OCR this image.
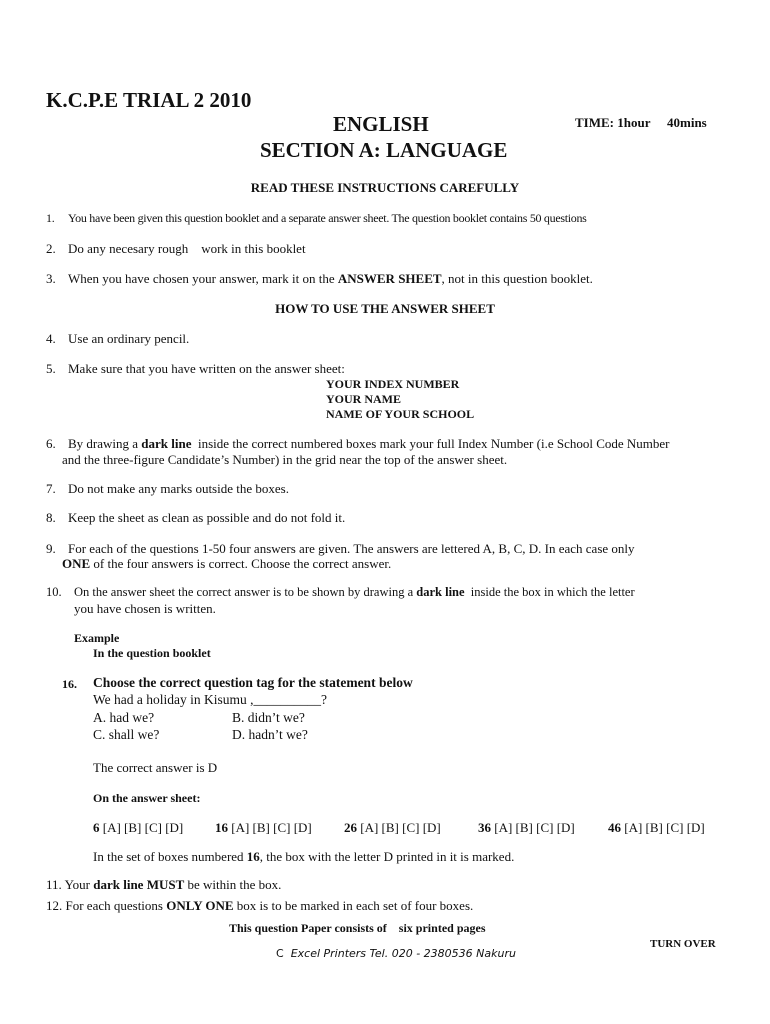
K.C.P.E TRIAL 2 2010
ENGLISH	TIME: 1hour 40mins
SECTION A: LANGUAGE
READ THESE INSTRUCTIONS CAREFULLY
1. You have been given this question booklet and a separate answer sheet. The question booklet contains 50 questions
2. Do any necesary rough    work in this booklet
3. When you have chosen your answer, mark it on the ANSWER SHEET, not in this question booklet.
HOW TO USE THE ANSWER SHEET
4. Use an ordinary pencil.
5. Make sure that you have written on the answer sheet:
YOUR INDEX NUMBER
YOUR NAME
NAME OF YOUR SCHOOL
6. By drawing a dark line  inside the correct numbered boxes mark your full Index Number (i.e School Code Number
and the three-figure Candidate’s Number) in the grid near the top of the answer sheet.
7. Do not make any marks outside the boxes.
8. Keep the sheet as clean as possible and do not fold it.
9. For each of the questions 1-50 four answers are given. The answers are lettered A, B, C, D. In each case only
ONE of the four answers is correct. Choose the correct answer.
10. On the answer sheet the correct answer is to be shown by drawing a dark line  inside the box in which the letter
you have chosen is written.
Example
In the question booklet
16. Choose the correct question tag for the statement below
We had a holiday in Kisumu ,__________?
A. had we?	B. didn’t we?
C. shall we?	D. hadn’t we?
The correct answer is D
On the answer sheet:
6 [A] [B] [C] [D] 16 [A] [B] [C] [D] 26 [A] [B] [C] [D]	36 [A] [B] [C] [D]	46 [A] [B] [C] [D]
In the set of boxes numbered 16, the box with the letter D printed in it is marked.
11. Your dark line MUST be within the box.
12. For each questions ONLY ONE box is to be marked in each set of four boxes.
This question Paper consists of    six printed pages
TURN OVER
C Excel Printers Tel. 020 - 2380536 Nakuru
